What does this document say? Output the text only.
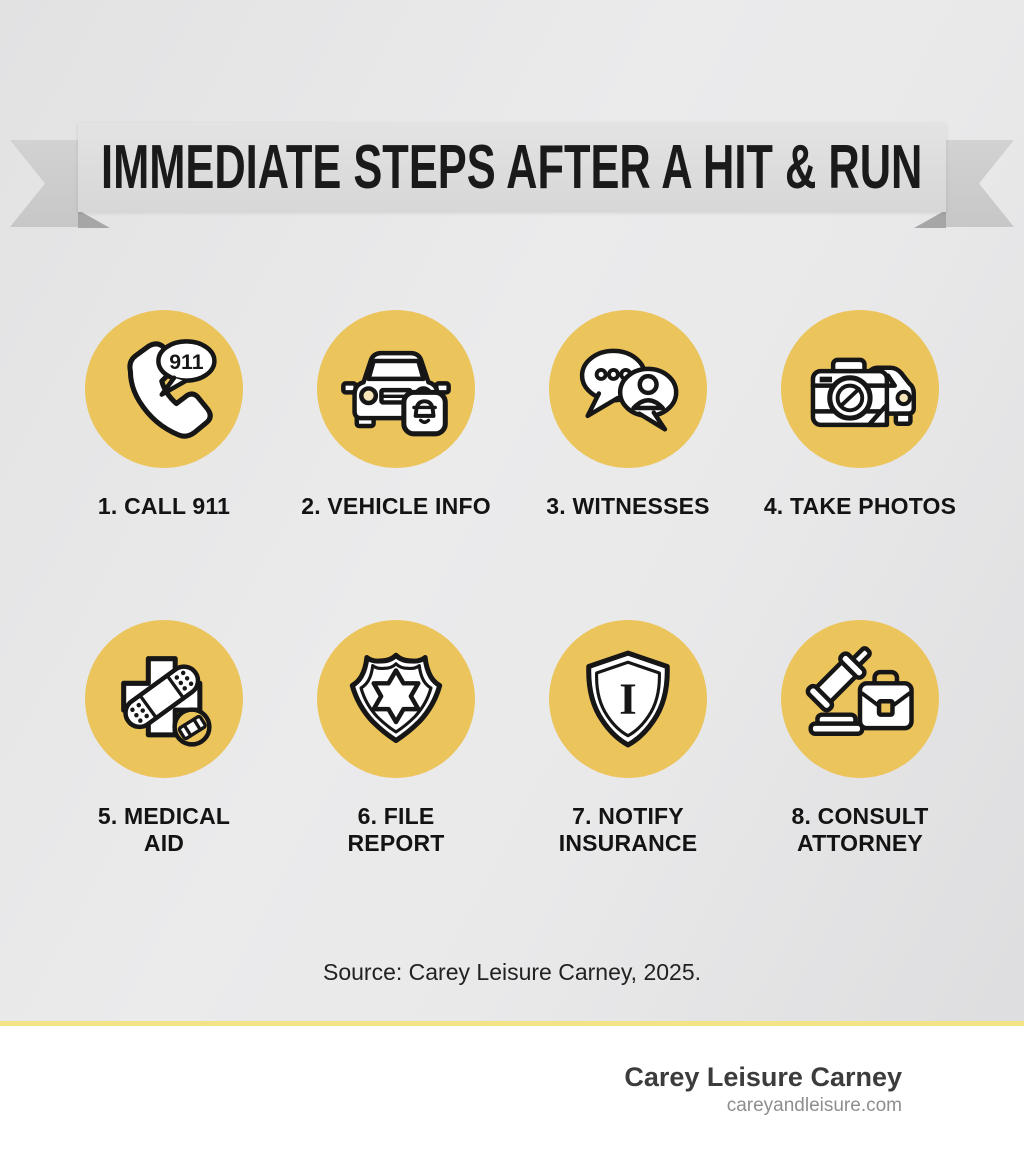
IMMEDIATE STEPS AFTER A HIT & RUN
911
1. CALL 911	2. VEHICLE INFO 3. WITNESSES 4. TAKE PHOTOS
5. MEDICAL
AID
6. FILE
REPORT
I
7. NOTIFY
INSURANCE
8. CONSULT
ATTORNEY
Source: Carey Leisure Carney, 2025.
Carey Leisure Carney
careyandleisure.com
